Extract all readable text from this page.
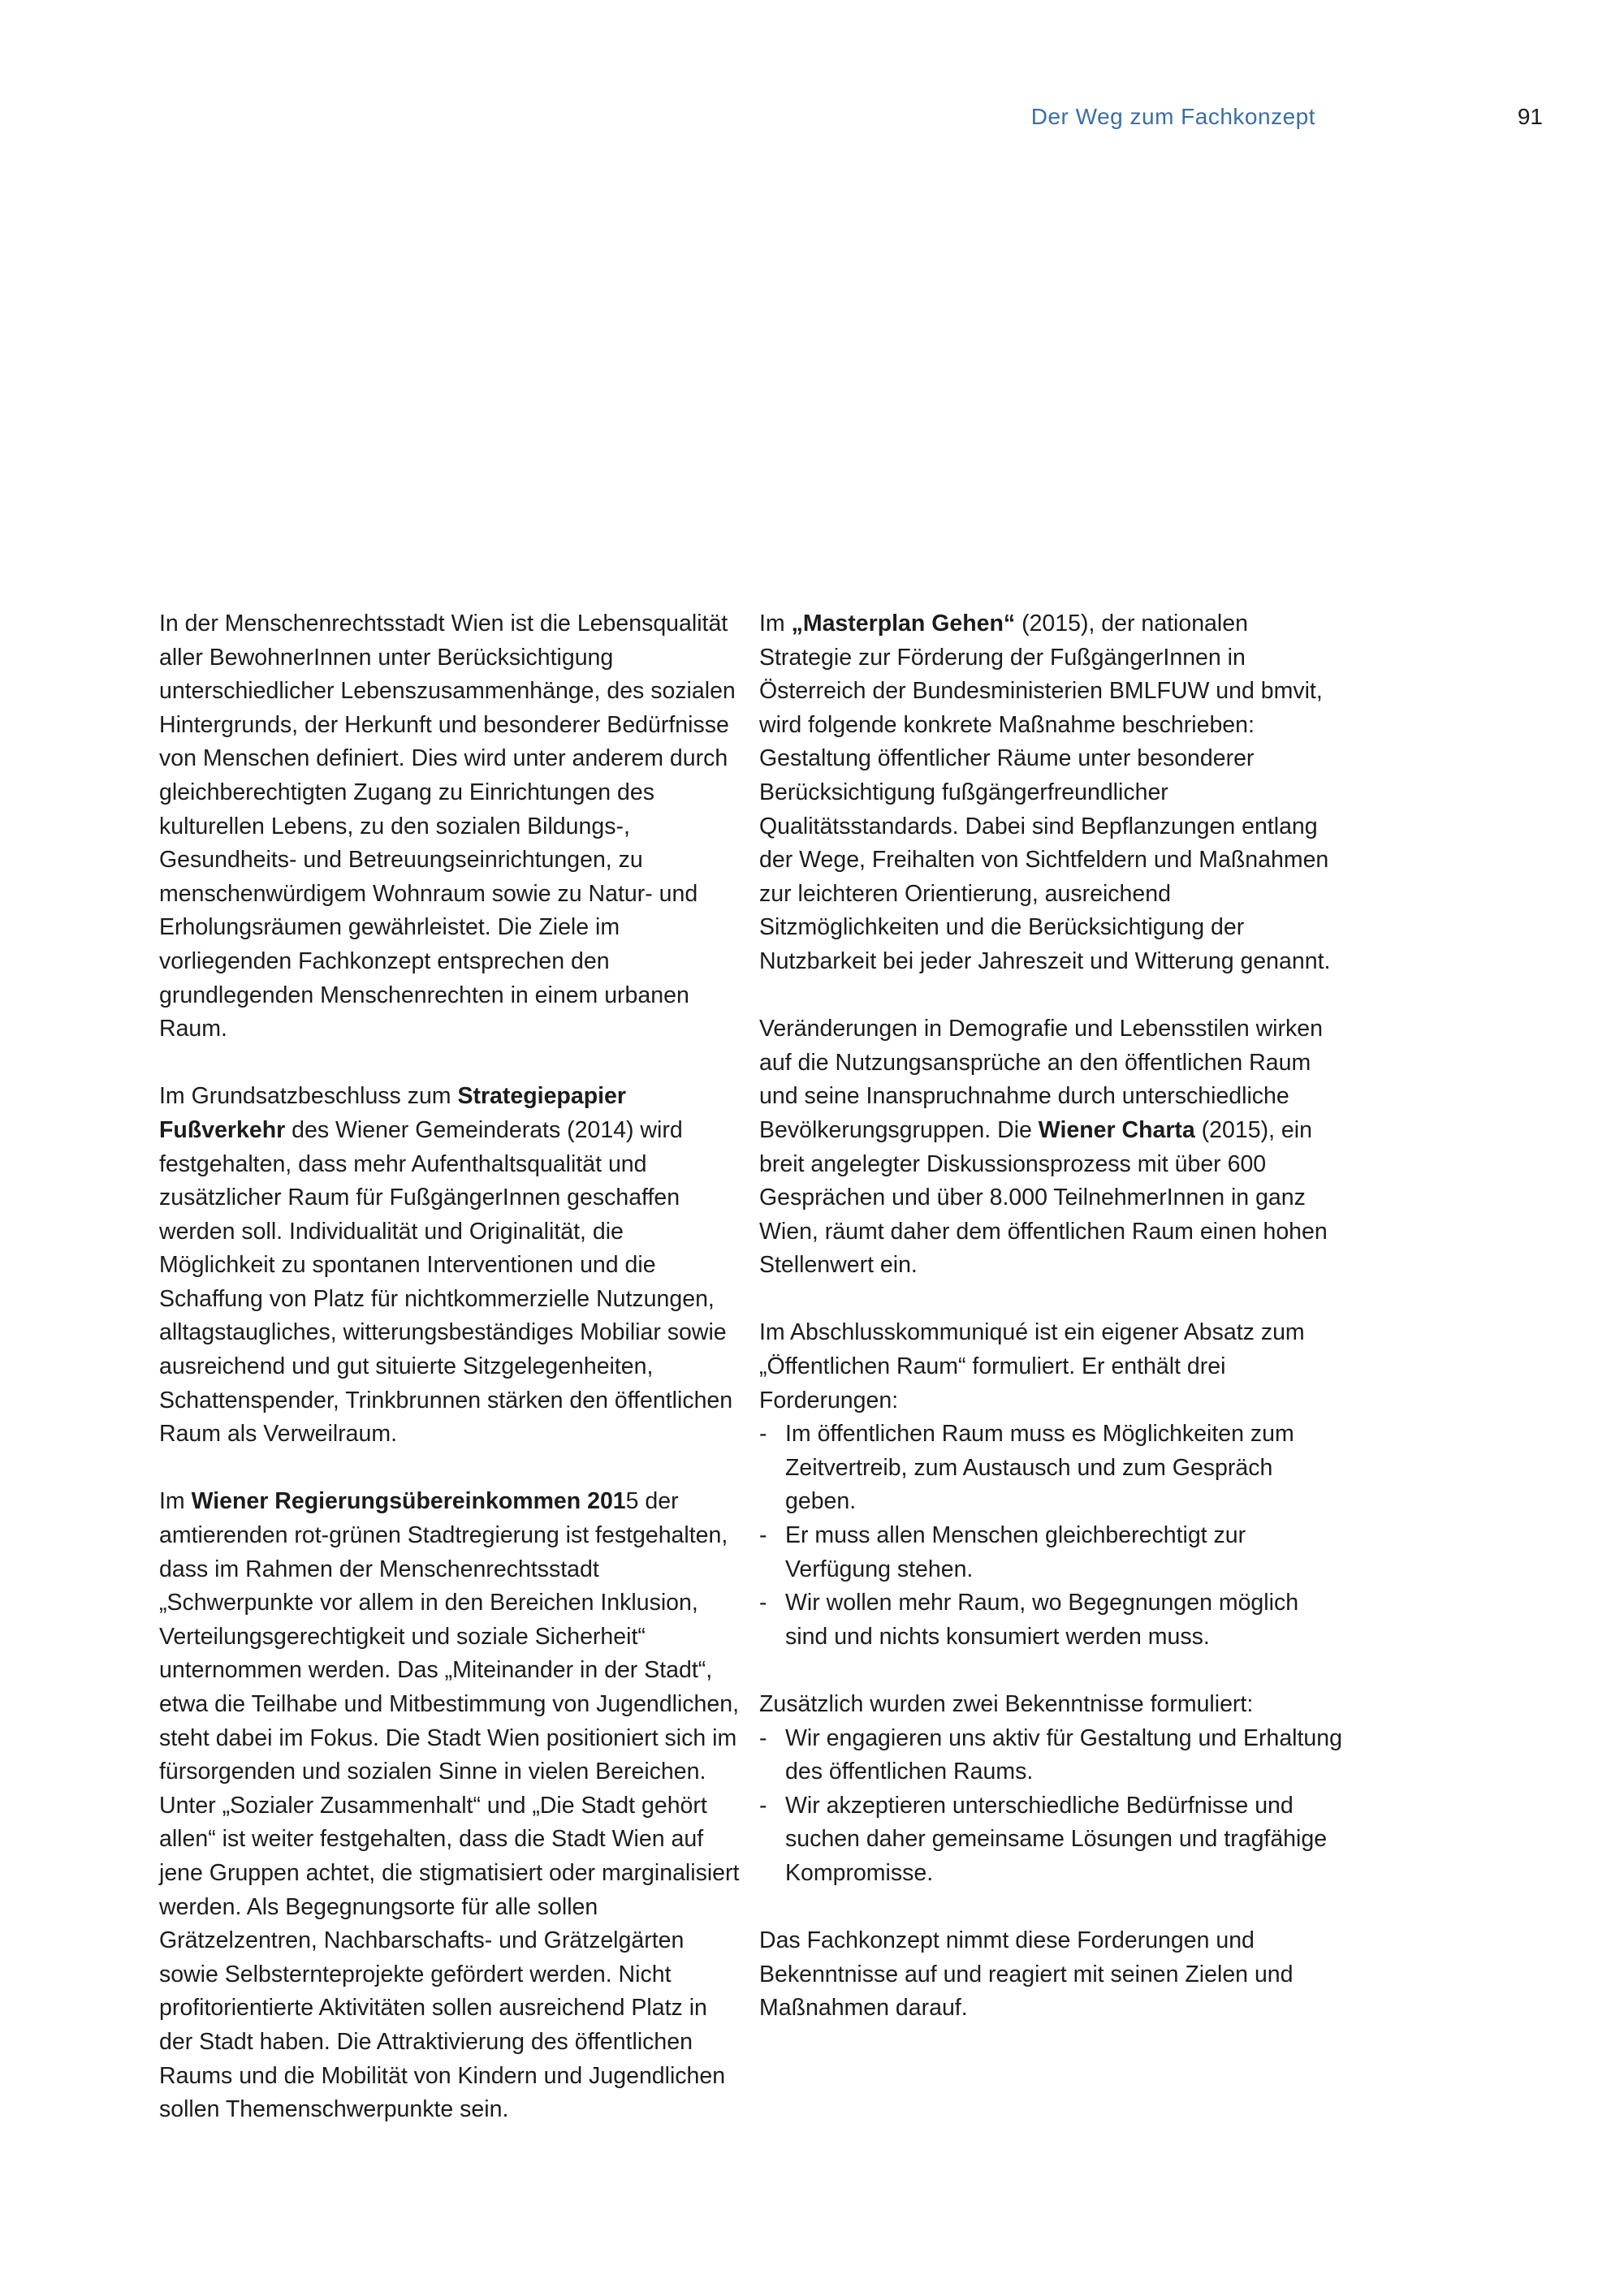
Der Weg zum Fachkonzept	91

In der Menschenrechtsstadt Wien ist die Lebensqualität aller BewohnerInnen unter Berücksichtigung unterschiedlicher Lebenszusammenhänge, des sozialen Hintergrunds, der Herkunft und besonderer Bedürfnisse von Menschen definiert. Dies wird unter anderem durch gleichberechtigten Zugang zu Einrichtungen des kulturellen Lebens, zu den sozialen Bildungs-, Gesundheits- und Betreuungseinrichtungen, zu menschenwürdigem Wohnraum sowie zu Natur- und Erholungsräumen gewährleistet. Die Ziele im vorliegenden Fachkonzept entsprechen den grundlegenden Menschenrechten in einem urbanen Raum.

Im Grundsatzbeschluss zum Strategiepapier Fußverkehr des Wiener Gemeinderats (2014) wird festgehalten, dass mehr Aufenthaltsqualität und zusätzlicher Raum für FußgängerInnen geschaffen werden soll. Individualität und Originalität, die Möglichkeit zu spontanen Interventionen und die Schaffung von Platz für nichtkommerzielle Nutzungen, alltagstaugliches, witterungsbeständiges Mobiliar sowie ausreichend und gut situierte Sitzgelegenheiten, Schattenspender, Trinkbrunnen stärken den öffentlichen Raum als Verweilraum.

Im Wiener Regierungsübereinkommen 2015 der amtierenden rot-grünen Stadtregierung ist festgehalten, dass im Rahmen der Menschenrechtsstadt „Schwerpunkte vor allem in den Bereichen Inklusion, Verteilungsgerechtigkeit und soziale Sicherheit“ unternommen werden. Das „Miteinander in der Stadt“, etwa die Teilhabe und Mitbestimmung von Jugendlichen, steht dabei im Fokus. Die Stadt Wien positioniert sich im fürsorgenden und sozialen Sinne in vielen Bereichen. Unter „Sozialer Zusammenhalt“ und „Die Stadt gehört allen“ ist weiter festgehalten, dass die Stadt Wien auf jene Gruppen achtet, die stigmatisiert oder marginalisiert werden. Als Begegnungsorte für alle sollen Grätzelzentren, Nachbarschafts- und Grätzelgärten sowie Selbsternteprojekte gefördert werden. Nicht profitorientierte Aktivitäten sollen ausreichend Platz in der Stadt haben. Die Attraktivierung des öffentlichen Raums und die Mobilität von Kindern und Jugendlichen sollen Themenschwerpunkte sein.

Im „Masterplan Gehen“ (2015), der nationalen Strategie zur Förderung der FußgängerInnen in Österreich der Bundesministerien BMLFUW und bmvit, wird folgende konkrete Maßnahme beschrieben: Gestaltung öffentlicher Räume unter besonderer Berücksichtigung fußgängerfreundlicher Qualitätsstandards. Dabei sind Bepflanzungen entlang der Wege, Freihalten von Sichtfeldern und Maßnahmen zur leichteren Orientierung, ausreichend Sitzmöglichkeiten und die Berücksichtigung der Nutzbarkeit bei jeder Jahreszeit und Witterung genannt.

Veränderungen in Demografie und Lebensstilen wirken auf die Nutzungsansprüche an den öffentlichen Raum und seine Inanspruchnahme durch unterschiedliche Bevölkerungsgruppen. Die Wiener Charta (2015), ein breit angelegter Diskussionsprozess mit über 600 Gesprächen und über 8.000 TeilnehmerInnen in ganz Wien, räumt daher dem öffentlichen Raum einen hohen Stellenwert ein.

Im Abschlusskommuniqué ist ein eigener Absatz zum „Öffentlichen Raum“ formuliert. Er enthält drei Forderungen:

- Im öffentlichen Raum muss es Möglichkeiten zum Zeitvertreib, zum Austausch und zum Gespräch geben.
- Er muss allen Menschen gleichberechtigt zur Verfügung stehen.
- Wir wollen mehr Raum, wo Begegnungen möglich sind und nichts konsumiert werden muss.

Zusätzlich wurden zwei Bekenntnisse formuliert:

- Wir engagieren uns aktiv für Gestaltung und Erhaltung des öffentlichen Raums.
- Wir akzeptieren unterschiedliche Bedürfnisse und suchen daher gemeinsame Lösungen und tragfähige Kompromisse.

Das Fachkonzept nimmt diese Forderungen und Bekenntnisse auf und reagiert mit seinen Zielen und Maßnahmen darauf.
